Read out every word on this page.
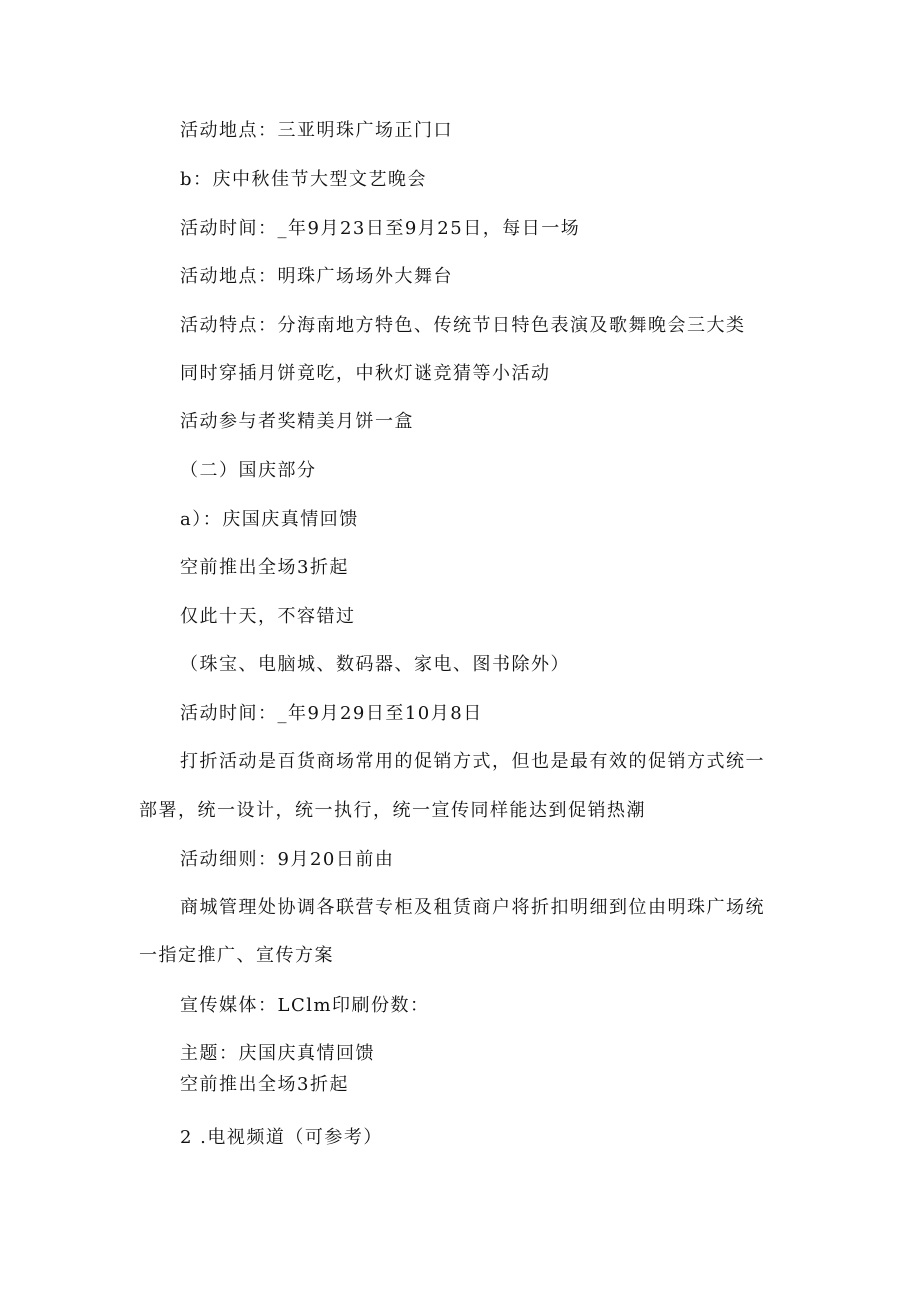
活动地点：三亚明珠广场正门口
b：庆中秋佳节大型文艺晚会
活动时间：_年9月23日至9月25日，每日一场
活动地点：明珠广场场外大舞台
活动特点：分海南地方特色、传统节日特色表演及歌舞晚会三大类
同时穿插月饼竟吃，中秋灯谜竞猜等小活动
活动参与者奖精美月饼一盒
（二）国庆部分
a）：庆国庆真情回馈
空前推出全场3折起
仅此十天，不容错过
（珠宝、电脑城、数码器、家电、图书除外）
活动时间：_年9月29日至10月8日
打折活动是百货商场常用的促销方式，但也是最有效的促销方式统一
部署，统一设计，统一执行，统一宣传同样能达到促销热潮
活动细则：9月20日前由
商城管理处协调各联营专柜及租赁商户将折扣明细到位由明珠广场统
一指定推广、宣传方案
宣传媒体：LClm印刷份数：
主题：庆国庆真情回馈
空前推出全场3折起
2 .电视频道（可参考）
